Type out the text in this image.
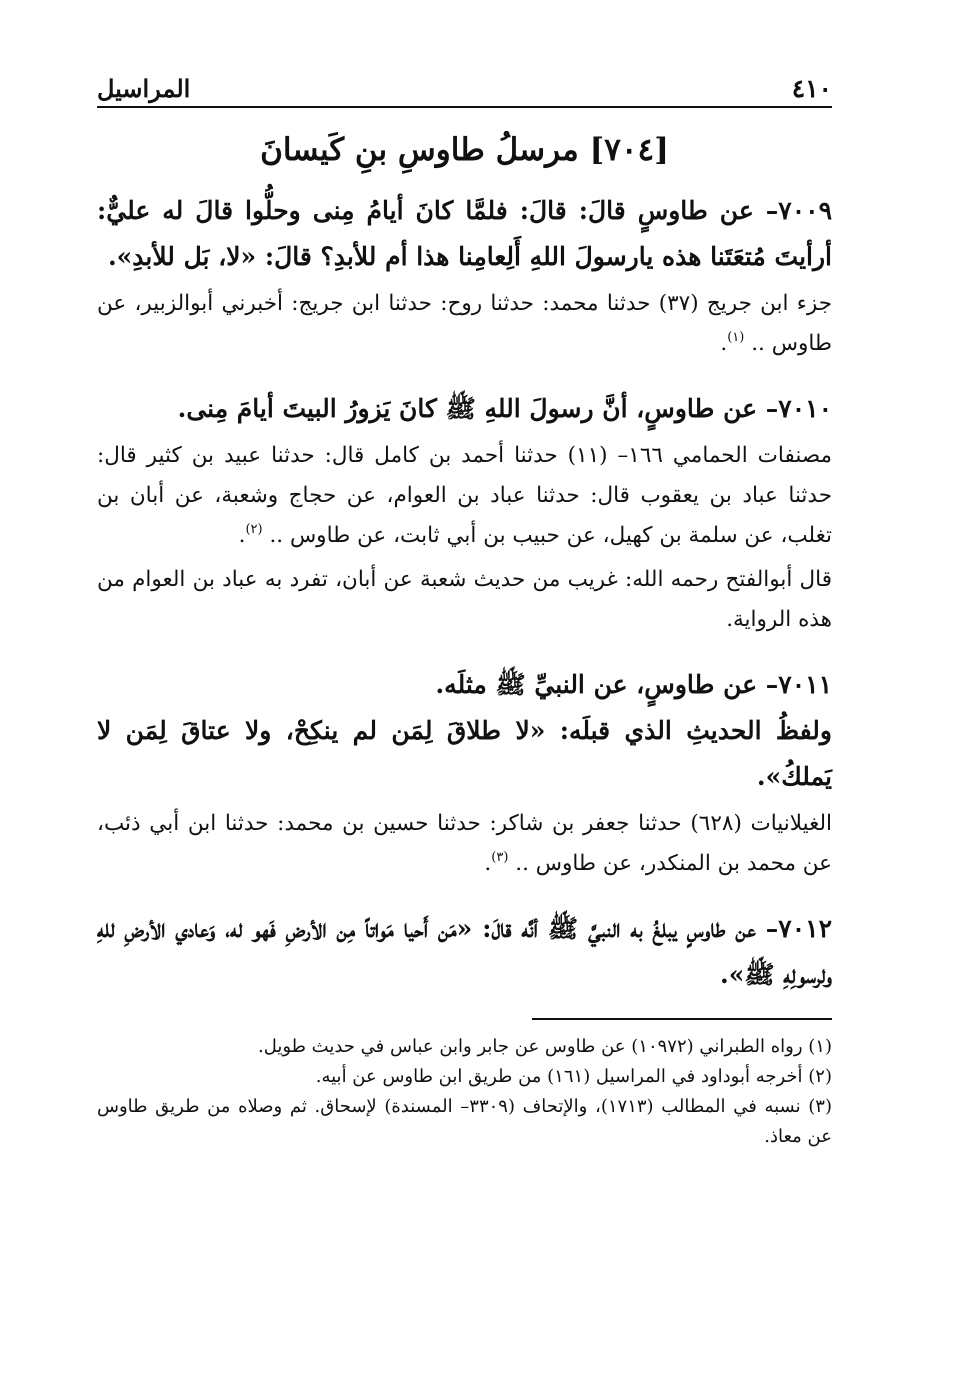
٤١٠
المراسيل
[٧٠٤] مرسلُ طاوسِ بنِ كَيسانَ

٧٠٠٩– عن طاوسٍ قالَ: قالَ: فلمَّا كانَ أيامُ مِنى وحلُّوا قالَ له عليٌّ: أرأيتَ مُتعَتَنا هذه يارسولَ اللهِ أَلِعامِنا هذا أم للأبدِ؟ قالَ: «لا، بَل للأبدِ».

جزء ابن جريج (٣٧) حدثنا محمد: حدثنا روح: حدثنا ابن جريج: أخبرني أبوالزبير، عن طاوس .. $^{(١)}$.

٧٠١٠– عن طاوسٍ، أنَّ رسولَ اللهِ ﷺ كانَ يَزورُ البيتَ أيامَ مِنى.

مصنفات الحمامي ١٦٦– (١١) حدثنا أحمد بن كامل قال: حدثنا عبيد بن كثير قال: حدثنا عباد بن يعقوب قال: حدثنا عباد بن العوام، عن حجاج وشعبة، عن أبان بن تغلب، عن سلمة بن كهيل، عن حبيب بن أبي ثابت، عن طاوس .. $^{(٢)}$.

قال أبوالفتح رحمه الله: غريب من حديث شعبة عن أبان، تفرد به عباد بن العوام من هذه الرواية.

٧٠١١– عن طاوسٍ، عن النبيِّ ﷺ مثلَه.

ولفظُ الحديثِ الذي قبلَه: «لا طلاقَ لِمَن لم ينكِحْ، ولا عتاقَ لِمَن لا يَملكُ».

الغيلانيات (٦٢٨) حدثنا جعفر بن شاكر: حدثنا حسين بن محمد: حدثنا ابن أبي ذئب، عن محمد بن المنكدر، عن طاوس .. $^{(٣)}$.

٧٠١٢– عن طاوسٍ يبلغُ به النبيَّ ﷺ أنَّه قالَ: «مَن أَحيا مَواتاً مِن الأرضِ فَهو له، وَعادي الأرضِ للهِ ولرسولِهِ ﷺ».

(١) رواه الطبراني (١٠٩٧٢) عن طاوس عن جابر وابن عباس في حديث طويل.

(٢) أخرجه أبوداود في المراسيل (١٦١) من طريق ابن طاوس عن أبيه.

(٣) نسبه في المطالب (١٧١٣)، والإتحاف (٣٣٠٩– المسندة) لإسحاق. ثم وصلاه من طريق طاوس عن معاذ.
